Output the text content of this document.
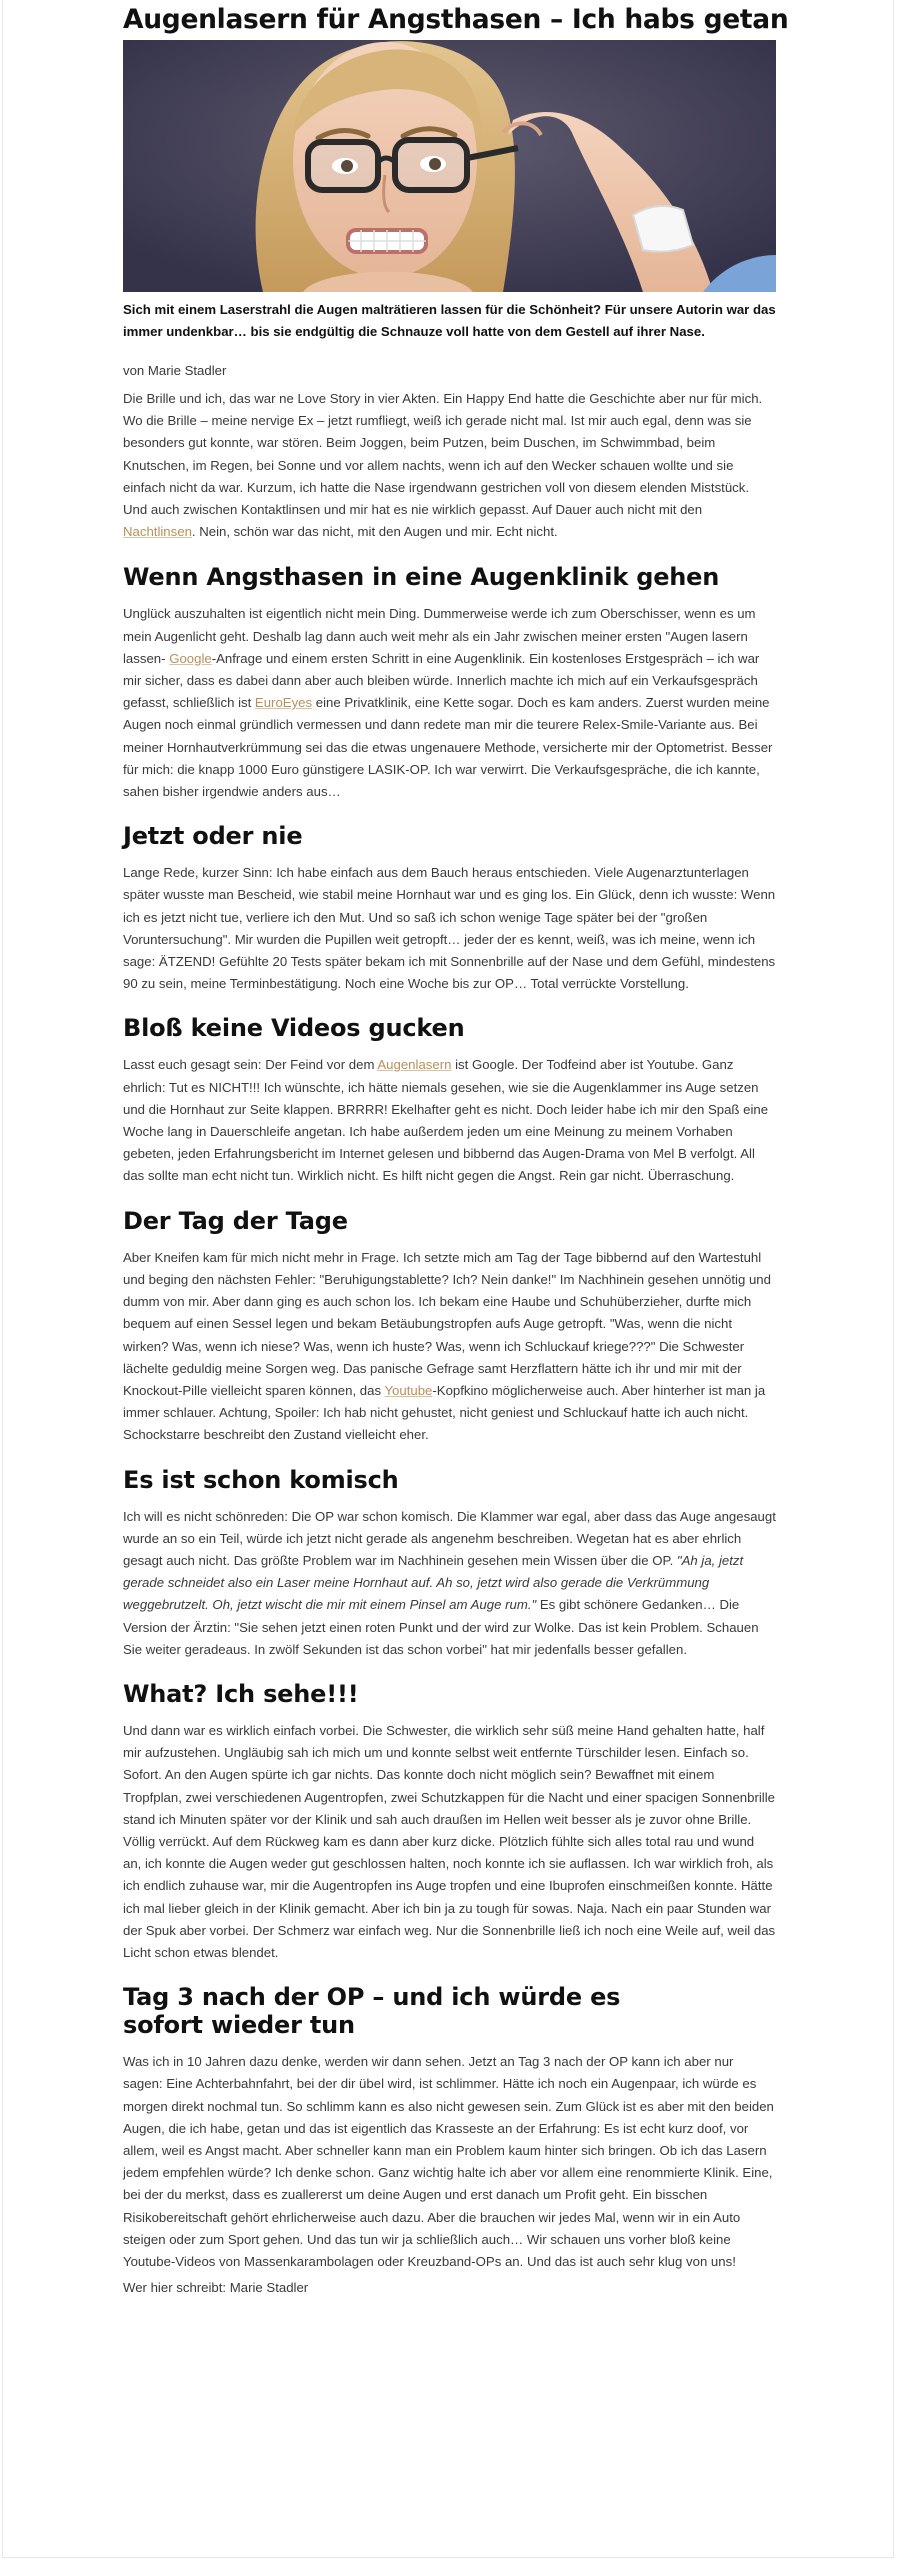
Augenlasern für Angsthasen – Ich habs getan

Sich mit einem Laserstrahl die Augen malträtieren lassen für die Schönheit? Für unsere Autorin war das immer undenkbar… bis sie endgültig die Schnauze voll hatte von dem Gestell auf ihrer Nase.

von Marie Stadler

Die Brille und ich, das war ne Love Story in vier Akten. Ein Happy End hatte die Geschichte aber nur für mich. Wo die Brille – meine nervige Ex – jetzt rumfliegt, weiß ich gerade nicht mal. Ist mir auch egal, denn was sie besonders gut konnte, war stören. Beim Joggen, beim Putzen, beim Duschen, im Schwimmbad, beim Knutschen, im Regen, bei Sonne und vor allem nachts, wenn ich auf den Wecker schauen wollte und sie einfach nicht da war. Kurzum, ich hatte die Nase irgendwann gestrichen voll von diesem elenden Miststück. Und auch zwischen Kontaktlinsen und mir hat es nie wirklich gepasst. Auf Dauer auch nicht mit den Nachtlinsen. Nein, schön war das nicht, mit den Augen und mir. Echt nicht.

Wenn Angsthasen in eine Augenklinik gehen

Unglück auszuhalten ist eigentlich nicht mein Ding. Dummerweise werde ich zum Oberschisser, wenn es um mein Augenlicht geht. Deshalb lag dann auch weit mehr als ein Jahr zwischen meiner ersten "Augen lasern lassen- Google-Anfrage und einem ersten Schritt in eine Augenklinik. Ein kostenloses Erstgespräch – ich war mir sicher, dass es dabei dann aber auch bleiben würde. Innerlich machte ich mich auf ein Verkaufsgespräch gefasst, schließlich ist EuroEyes eine Privatklinik, eine Kette sogar. Doch es kam anders. Zuerst wurden meine Augen noch einmal gründlich vermessen und dann redete man mir die teurere Relex-Smile-Variante aus. Bei meiner Hornhautverkrümmung sei das die etwas ungenauere Methode, versicherte mir der Optometrist. Besser für mich: die knapp 1000 Euro günstigere LASIK-OP. Ich war verwirrt. Die Verkaufsgespräche, die ich kannte, sahen bisher irgendwie anders aus…

Jetzt oder nie

Lange Rede, kurzer Sinn: Ich habe einfach aus dem Bauch heraus entschieden. Viele Augenarztunterlagen später wusste man Bescheid, wie stabil meine Hornhaut war und es ging los. Ein Glück, denn ich wusste: Wenn ich es jetzt nicht tue, verliere ich den Mut. Und so saß ich schon wenige Tage später bei der "großen Voruntersuchung". Mir wurden die Pupillen weit getropft… jeder der es kennt, weiß, was ich meine, wenn ich sage: ÄTZEND! Gefühlte 20 Tests später bekam ich mit Sonnenbrille auf der Nase und dem Gefühl, mindestens 90 zu sein, meine Terminbestätigung. Noch eine Woche bis zur OP… Total verrückte Vorstellung.

Bloß keine Videos gucken

Lasst euch gesagt sein: Der Feind vor dem Augenlasern ist Google. Der Todfeind aber ist Youtube. Ganz ehrlich: Tut es NICHT!!! Ich wünschte, ich hätte niemals gesehen, wie sie die Augenklammer ins Auge setzen und die Hornhaut zur Seite klappen. BRRRR! Ekelhafter geht es nicht. Doch leider habe ich mir den Spaß eine Woche lang in Dauerschleife angetan. Ich habe außerdem jeden um eine Meinung zu meinem Vorhaben gebeten, jeden Erfahrungsbericht im Internet gelesen und bibbernd das Augen-Drama von Mel B verfolgt. All das sollte man echt nicht tun. Wirklich nicht. Es hilft nicht gegen die Angst. Rein gar nicht. Überraschung.

Der Tag der Tage

Aber Kneifen kam für mich nicht mehr in Frage. Ich setzte mich am Tag der Tage bibbernd auf den Wartestuhl und beging den nächsten Fehler: "Beruhigungstablette? Ich? Nein danke!" Im Nachhinein gesehen unnötig und dumm von mir. Aber dann ging es auch schon los. Ich bekam eine Haube und Schuhüberzieher, durfte mich bequem auf einen Sessel legen und bekam Betäubungstropfen aufs Auge getropft. "Was, wenn die nicht wirken? Was, wenn ich niese? Was, wenn ich huste? Was, wenn ich Schluckauf kriege???" Die Schwester lächelte geduldig meine Sorgen weg. Das panische Gefrage samt Herzflattern hätte ich ihr und mir mit der Knockout-Pille vielleicht sparen können, das Youtube-Kopfkino möglicherweise auch. Aber hinterher ist man ja immer schlauer. Achtung, Spoiler: Ich hab nicht gehustet, nicht geniest und Schluckauf hatte ich auch nicht. Schockstarre beschreibt den Zustand vielleicht eher.

Es ist schon komisch

Ich will es nicht schönreden: Die OP war schon komisch. Die Klammer war egal, aber dass das Auge angesaugt wurde an so ein Teil, würde ich jetzt nicht gerade als angenehm beschreiben. Wegetan hat es aber ehrlich gesagt auch nicht. Das größte Problem war im Nachhinein gesehen mein Wissen über die OP. "Ah ja, jetzt gerade schneidet also ein Laser meine Hornhaut auf. Ah so, jetzt wird also gerade die Verkrümmung weggebrutzelt. Oh, jetzt wischt die mir mit einem Pinsel am Auge rum." Es gibt schönere Gedanken… Die Version der Ärztin: "Sie sehen jetzt einen roten Punkt und der wird zur Wolke. Das ist kein Problem. Schauen Sie weiter geradeaus. In zwölf Sekunden ist das schon vorbei" hat mir jedenfalls besser gefallen.

What? Ich sehe!!!

Und dann war es wirklich einfach vorbei. Die Schwester, die wirklich sehr süß meine Hand gehalten hatte, half mir aufzustehen. Ungläubig sah ich mich um und konnte selbst weit entfernte Türschilder lesen. Einfach so. Sofort. An den Augen spürte ich gar nichts. Das konnte doch nicht möglich sein? Bewaffnet mit einem Tropfplan, zwei verschiedenen Augentropfen, zwei Schutzkappen für die Nacht und einer spacigen Sonnenbrille stand ich Minuten später vor der Klinik und sah auch draußen im Hellen weit besser als je zuvor ohne Brille. Völlig verrückt. Auf dem Rückweg kam es dann aber kurz dicke. Plötzlich fühlte sich alles total rau und wund an, ich konnte die Augen weder gut geschlossen halten, noch konnte ich sie auflassen. Ich war wirklich froh, als ich endlich zuhause war, mir die Augentropfen ins Auge tropfen und eine Ibuprofen einschmeißen konnte. Hätte ich mal lieber gleich in der Klinik gemacht. Aber ich bin ja zu tough für sowas. Naja. Nach ein paar Stunden war der Spuk aber vorbei. Der Schmerz war einfach weg. Nur die Sonnenbrille ließ ich noch eine Weile auf, weil das Licht schon etwas blendet.

Tag 3 nach der OP – und ich würde es sofort wieder tun

Was ich in 10 Jahren dazu denke, werden wir dann sehen. Jetzt an Tag 3 nach der OP kann ich aber nur sagen: Eine Achterbahnfahrt, bei der dir übel wird, ist schlimmer. Hätte ich noch ein Augenpaar, ich würde es morgen direkt nochmal tun. So schlimm kann es also nicht gewesen sein. Zum Glück ist es aber mit den beiden Augen, die ich habe, getan und das ist eigentlich das Krasseste an der Erfahrung: Es ist echt kurz doof, vor allem, weil es Angst macht. Aber schneller kann man ein Problem kaum hinter sich bringen. Ob ich das Lasern jedem empfehlen würde? Ich denke schon. Ganz wichtig halte ich aber vor allem eine renommierte Klinik. Eine, bei der du merkst, dass es zuallererst um deine Augen und erst danach um Profit geht. Ein bisschen Risikobereitschaft gehört ehrlicherweise auch dazu. Aber die brauchen wir jedes Mal, wenn wir in ein Auto steigen oder zum Sport gehen. Und das tun wir ja schließlich auch… Wir schauen uns vorher bloß keine Youtube-Videos von Massenkarambolagen oder Kreuzband-OPs an. Und das ist auch sehr klug von uns!

Wer hier schreibt: Marie Stadler
